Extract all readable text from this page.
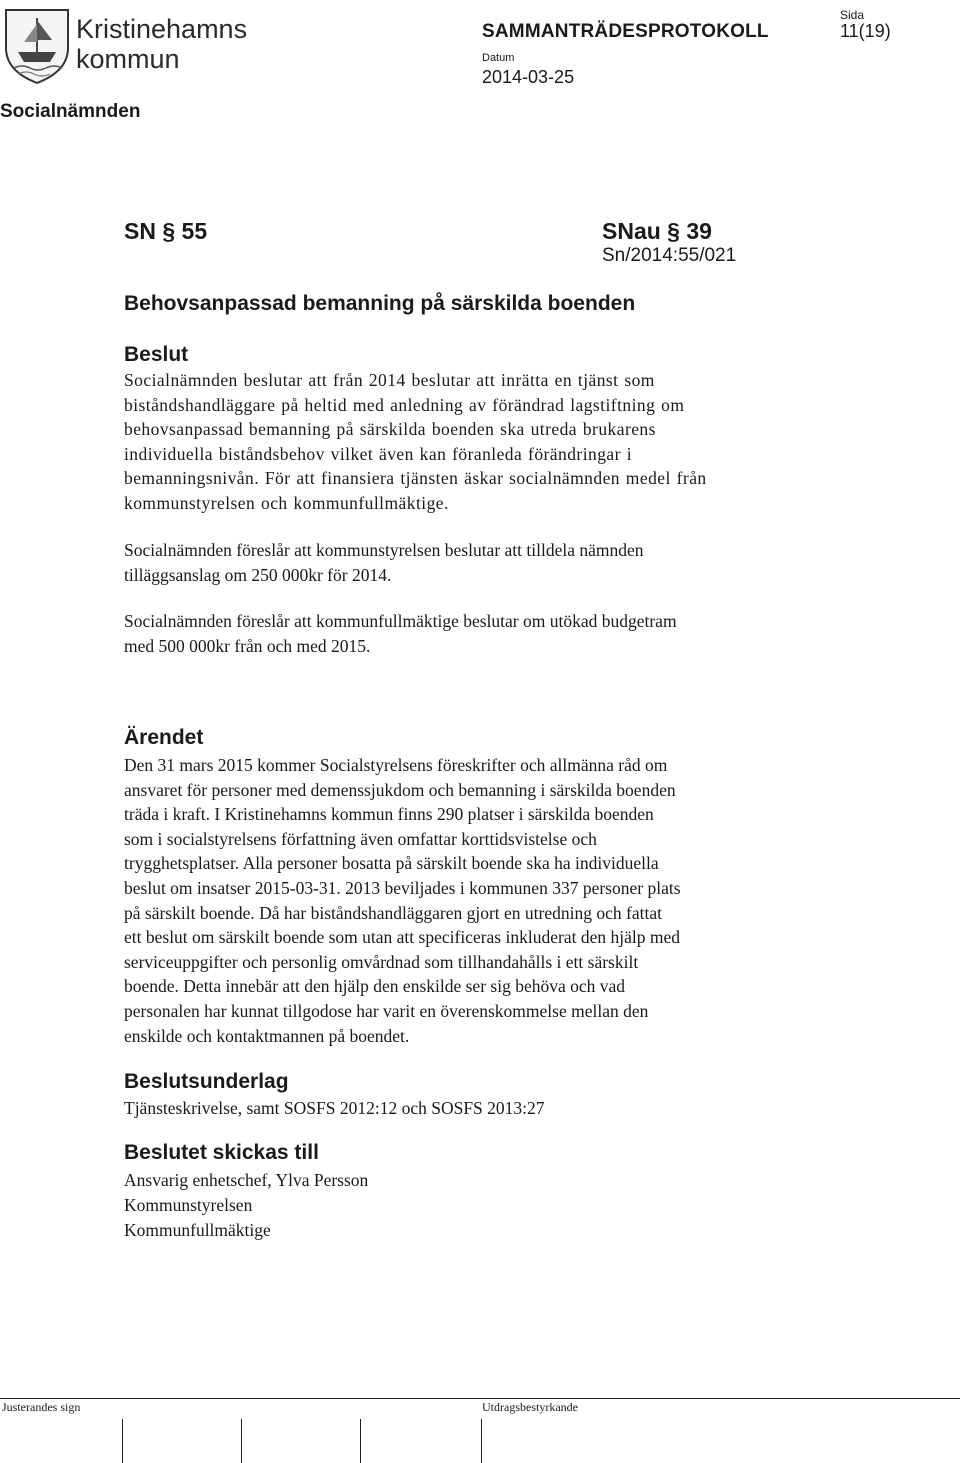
Kristinehamns
kommun
SAMMANTRÄDESPROTOKOLL
Datum
2014-03-25
Sida
11(19)
Socialnämnden
SN § 55	SNau § 39
Sn/2014:55/021
Behovsanpassad bemanning på särskilda boenden
Beslut
Socialnämnden beslutar att från 2014 beslutar att inrätta en tjänst som
biståndshandläggare på heltid med anledning av förändrad lagstiftning om
behovsanpassad bemanning på särskilda boenden ska utreda brukarens
individuella biståndsbehov vilket även kan föranleda förändringar i
bemanningsnivån. För att finansiera tjänsten äskar socialnämnden medel från
kommunstyrelsen och kommunfullmäktige.
Socialnämnden föreslår att kommunstyrelsen beslutar att tilldela nämnden
tilläggsanslag om 250 000kr för 2014.
Socialnämnden föreslår att kommunfullmäktige beslutar om utökad budgetram
med 500 000kr från och med 2015.
Ärendet
Den 31 mars 2015 kommer Socialstyrelsens föreskrifter och allmänna råd om
ansvaret för personer med demenssjukdom och bemanning i särskilda boenden
träda i kraft. I Kristinehamns kommun finns 290 platser i särskilda boenden
som i socialstyrelsens författning även omfattar korttidsvistelse och
trygghetsplatser. Alla personer bosatta på särskilt boende ska ha individuella
beslut om insatser 2015-03-31. 2013 beviljades i kommunen 337 personer plats
på särskilt boende. Då har biståndshandläggaren gjort en utredning och fattat
ett beslut om särskilt boende som utan att specificeras inkluderat den hjälp med
serviceuppgifter och personlig omvårdnad som tillhandahålls i ett särskilt
boende. Detta innebär att den hjälp den enskilde ser sig behöva och vad
personalen har kunnat tillgodose har varit en överenskommelse mellan den
enskilde och kontaktmannen på boendet.
Beslutsunderlag
Tjänsteskrivelse, samt SOSFS 2012:12 och SOSFS 2013:27
Beslutet skickas till
Ansvarig enhetschef, Ylva Persson
Kommunstyrelsen
Kommunfullmäktige
Justerandes sign	Utdragsbestyrkande
